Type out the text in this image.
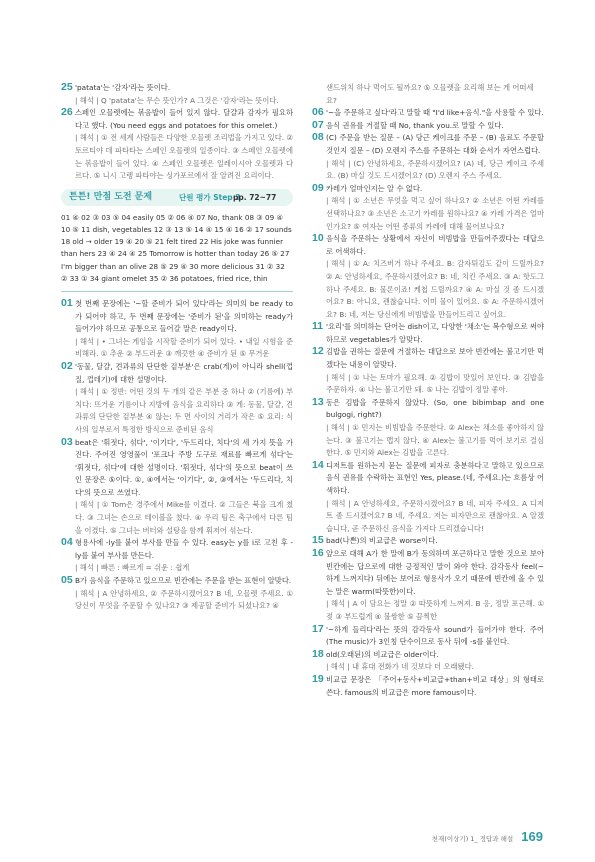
25 'patata'는 '감자'라는 뜻이다.
| 해석 | Q 'patata'는 무슨 뜻인가? A 그것은 '감자'라는 뜻이다.
26 스페인 오믈렛에는 볶음밥이 들어 있지 않다. 달걀과 감자가 필요하다고 했다. (You need eggs and potatoes for this omelet.)
| 해석 | ① 전 세계 사람들은 다양한 오믈렛 조리법을 가지고 있다. ② 토르티야 데 파타타는 스페인 오믈렛의 일종이다. ③ 스페인 오믈렛에는 볶음밥이 들어 있다. ④ 스페인 오믈렛은 일레이시아 오믈렛과 다르다. ⑤ 니시 고렝 파타야는 싱가포르에서 잘 알려진 요리이다.
튼튼! 만점 도전 문제	단원 평가 Step 3
pp. 72~77
01 ④ 02 ③ 03 ⑤ 04 easily 05 ② 06 ④ 07 No, thank 08 ③ 09 ④ 10 ⑤ 11 dish, vegetables 12 ③ 13 ⑤ 14 ④ 15 ④ 16 ② 17 sounds 18 old → older 19 ④ 20 ⑤ 21 felt tired 22 His joke was funnier than hers 23 ④ 24 ④ 25 Tomorrow is hotter than today 26 ⑤ 27 I'm bigger than an olive 28 ⑤ 29 ④ 30 more delicious 31 ② 32 ② 33 ① 34 giant omelet 35 ② 36 potatoes, fried rice, thin
01 첫 번째 문장에는 '~할 준비가 되어 있다'라는 의미의 be ready to가 되어야 하고, 두 번째 문장에는 '준비가 된'을 의미하는 ready가 들어가야 하므로 공통으로 들어갈 말은 ready이다.
| 해석 | • 그녀는 게임을 시작할 준비가 되어 있다. • 내일 시험을 준비해라. ① 추운 ② 부드러운 ③ 깨끗한 ④ 준비가 된 ⑤ 무거운
02 '동물, 달걀, 견과류의 단단한 겉부분'은 crab(게)이 아니라 shell(껍질, 껍데기)에 대한 설명이다.
| 해석 | ① 정반: 어떤 것의 두 개의 같은 부분 중 하나 ② (기름에) 부치다: 뜨거운 기름이나 지방에 음식을 요리하다 ③ 게: 동물, 달걀, 견과류의 단단한 겉부분 ④ 않는: 두 면 사이의 거리가 작은 ⑤ 요리: 식사의 일부로서 특정한 방식으로 준비된 음식
03 beat은 '휘젓다, 섞다', '이기다', '두드리다, 치다'의 세 가지 뜻을 가진다. 주어진 영영풀이 '포크나 주방 도구로 재료를 빠르게 섞다'는 '휘젓다, 섞다'에 대한 설명이다. '휘젓다, 섞다'의 뜻으로 beat이 쓰인 문장은 ⑤이다. ①, ④에서는 '이기다', ②, ③에서는 '두드리다, 치다'의 뜻으로 쓰였다.
| 해석 | ① Tom은 경주에서 Mike를 이겼다. ② 그들은 북을 크게 쳤다. ③ 그녀는 손으로 테이블을 쳤다. ④ 우리 팀은 축구에서 다른 팀을 이겼다. ⑤ 그녀는 버터와 설탕을 함께 휘저어 섞는다.
04 형용사에 -ly를 붙여 부사를 만들 수 있다. easy는 y를 i로 고친 후 -ly를 붙여 부사를 만든다.
| 해석 | 빠른 : 빠르게 = 쉬운 : 쉽게
05 B가 음식을 주문하고 있으므로 빈칸에는 주문을 받는 표현이 알맞다.
| 해석 | A 안녕하세요, ② 주문하시겠어요? B 네, 오믈렛 주세요. ① 당신이 무엇을 주문할 수 있나요? ③ 제공할 준비가 되셨나요? ④
샌드위치 하나 먹어도 될까요? ⑤ 오믈렛을 요리해 보는 게 어떠세요?
06 '~을 주문하고 싶다'라고 말할 때 "I'd like+음식."을 사용할 수 있다.
07 음식 권유를 거절할 때 No, thank you.로 말할 수 있다.
08 (C) 주문을 받는 질문 – (A) 당근 케이크를 주문 – (B) 음료도 주문할 것인지 질문 – (D) 오렌지 주스를 주문하는 대화 순서가 자연스럽다.
| 해석 | (C) 안녕하세요, 주문하시겠어요? (A) 네, 당근 케이크 주세요. (B) 마실 것도 드시겠어요? (D) 오렌지 주스 주세요.
09 카레가 얼마인지는 알 수 없다.
| 해석 | ① 소년은 무엇을 먹고 싶어 하나요? ② 소년은 어떤 카레를 선택하나요? ③ 소년은 소고기 카레를 원하나요? ④ 카레 가격은 얼마인가요? ⑤ 여자는 어떤 종류의 카레에 대해 물어보나요?
10 음식을 주문하는 상황에서 자신이 비빔밥을 만들어주겠다는 대답으로 어색하다.
| 해석 | ① A: 치즈버거 하나 주세요. B: 감자튀김도 같이 드릴까요? ② A: 안녕하세요, 주문하시겠어요? B: 네, 치킨 주세요. ③ A: 핫도그 하나 주세요. B: 물론이죠! 케첩 드릴까요? ④ A: 마실 것 좀 드시겠어요? B: 아니요, 괜찮습니다. 이미 물이 있어요. ⑤ A: 주문하시겠어요? B: 네, 저는 당신에게 비빔밥을 만들어드리고 싶어요.
11 '요리'를 의미하는 단어는 dish이고, 다양한 '채소'는 복수형으로 써야 하므로 vegetables가 알맞다.
12 김밥을 권하는 질문에 거절하는 대답으로 보아 빈칸에는 불고기만 먹겠다는 내용이 알맞다.
| 해석 | ① 나는 토마가 필요해. ② 김밥이 맛있어 보인다. ③ 김밥을 주문하자. ④ 나는 불고기만 돼. ⑤ 나는 김밥이 정말 좋아.
13 동은 김밥을 주문하지 않았다. (So, one bibimbap and one bulgogi, right?)
| 해석 | ① 민지는 비빔밥을 주문한다. ② Alex는 채소를 좋아하지 않는다. ③ 불고기는 맵지 않다. ④ Alex는 불고기를 먹어 보기로 결심한다. ⑤ 민지와 Alex는 김밥을 고른다.
14 디저트를 원하는지 묻는 질문에 피자로 충분하다고 말하고 있으므로 음식 권유를 수락하는 표현인 Yes, please.(네, 주세요.)는 흐름상 어색하다.
| 해석 | A 안녕하세요, 주문하시겠어요? B 네, 피자 주세요. A 디저트 좀 드시겠어요? B 네, 주세요. 저는 피자만으로 괜찮아요. A 알겠습니다, 곧 주문하신 음식을 가져다 드리겠습니다!
15 bad(나쁜)의 비교급은 worse이다.
16 앞으로 대해 A가 한 말에 B가 동의하며 포근하다고 말한 것으로 보아 빈칸에는 답으로에 대한 긍정적인 말이 와야 한다. 감각동사 feel(~하게 느껴지다) 뒤에는 보어로 형용사가 오기 때문에 빈칸에 올 수 있는 말은 warm(따뜻한)이다.
| 해석 | A 이 담요는 정말 ② 따뜻하게 느껴져. B 응, 정말 포근해. ① 젖 ③ 부드럽게 ④ 불쌍한 ⑤ 끔찍한
17 '~하게 들리다'라는 뜻의 감각동사 sound가 들어가야 한다. 주어(The music)가 3인칭 단수이므로 동사 뒤에 -s를 붙인다.
18 old(오래된)의 비교급은 older이다.
| 해석 | 내 휴대 전화가 네 것보다 더 오래됐다.
19 비교급 문장은 「주어+동사+비교급+than+비교 대상」의 형태로 쓴다. famous의 비교급은 more famous이다.
천재(이상기) 1_ 정답과 해설 169
